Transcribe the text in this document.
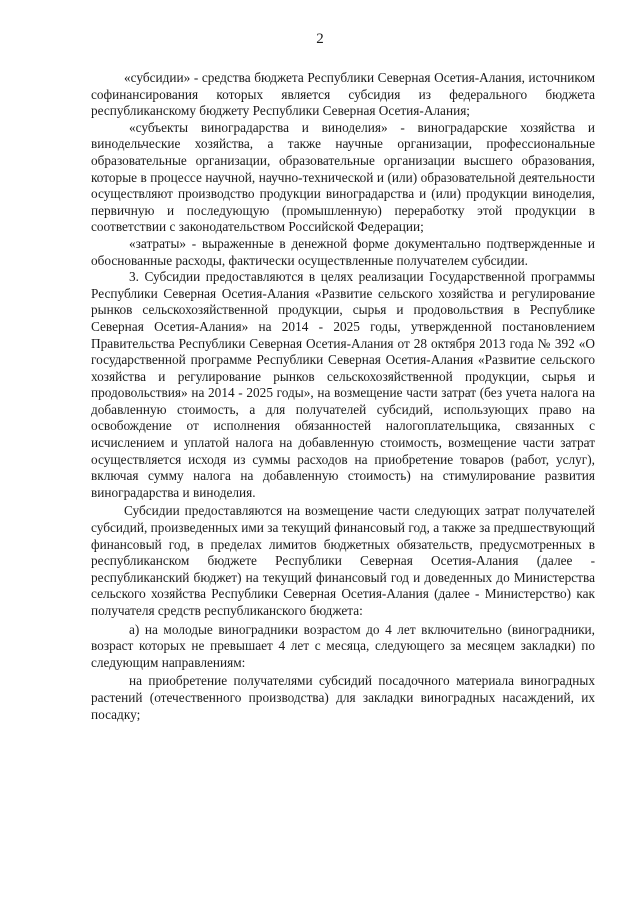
2

«субсидии» - средства бюджета Республики Северная Осетия-Алания, источником софинансирования которых является субсидия из федерального бюджета республиканскому бюджету Республики Северная Осетия-Алания;

«субъекты виноградарства и виноделия» - виноградарские хозяйства и винодельческие хозяйства, а также научные организации, профессиональные образовательные организации, образовательные организации высшего образования, которые в процессе научной, научно-технической и (или) образовательной деятельности осуществляют производство продукции виноградарства и (или) продукции виноделия, первичную и последующую (промышленную) переработку этой продукции в соответствии с законодательством Российской Федерации;

«затраты» - выраженные в денежной форме документально подтвержденные и обоснованные расходы, фактически осуществленные получателем субсидии.

3. Субсидии предоставляются в целях реализации Государственной программы Республики Северная Осетия-Алания «Развитие сельского хозяйства и регулирование рынков сельскохозяйственной продукции, сырья и продовольствия в Республике Северная Осетия-Алания» на 2014 - 2025 годы, утвержденной постановлением Правительства Республики Северная Осетия-Алания от 28 октября 2013 года № 392 «О государственной программе Республики Северная Осетия-Алания «Развитие сельского хозяйства и регулирование рынков сельскохозяйственной продукции, сырья и продовольствия» на 2014 - 2025 годы», на возмещение части затрат (без учета налога на добавленную стоимость, а для получателей субсидий, использующих право на освобождение от исполнения обязанностей налогоплательщика, связанных с исчислением и уплатой налога на добавленную стоимость, возмещение части затрат осуществляется исходя из суммы расходов на приобретение товаров (работ, услуг), включая сумму налога на добавленную стоимость) на стимулирование развития виноградарства и виноделия.

Субсидии предоставляются на возмещение части следующих затрат получателей субсидий, произведенных ими за текущий финансовый год, а также за предшествующий финансовый год, в пределах лимитов бюджетных обязательств, предусмотренных в республиканском бюджете Республики Северная Осетия-Алания (далее - республиканский бюджет) на текущий финансовый год и доведенных до Министерства сельского хозяйства Республики Северная Осетия-Алания (далее - Министерство) как получателя средств республиканского бюджета:

а) на молодые виноградники возрастом до 4 лет включительно (виноградники, возраст которых не превышает 4 лет с месяца, следующего за месяцем закладки) по следующим направлениям:

на приобретение получателями субсидий посадочного материала виноградных растений (отечественного производства) для закладки виноградных насаждений, их посадку;
